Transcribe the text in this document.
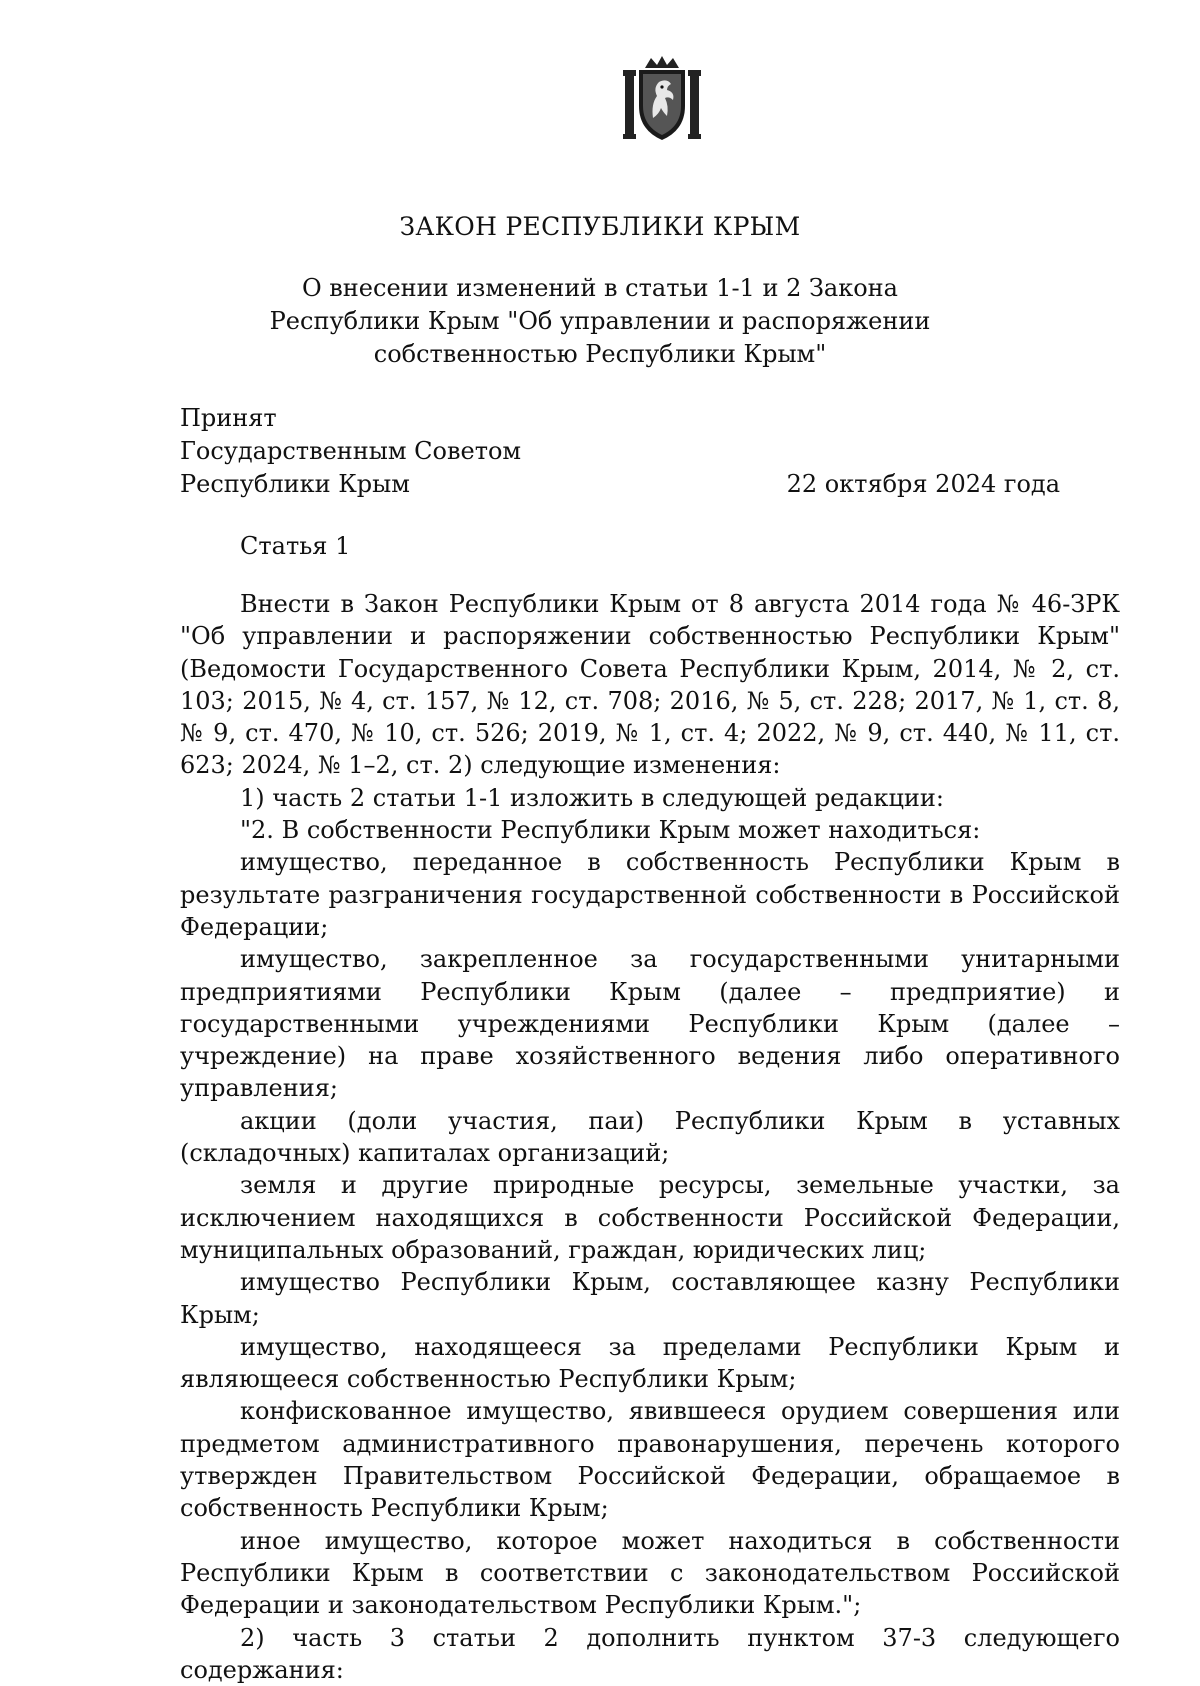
ЗАКОН РЕСПУБЛИКИ КРЫМ
О внесении изменений в статьи 1-1 и 2 Закона
Республики Крым "Об управлении и распоряжении
собственностью Республики Крым"
Принят
Государственным Советом
Республики Крым	22 октября 2024 года
Статья 1

Внести в Закон Республики Крым от 8 августа 2014 года № 46-ЗРК "Об управлении и распоряжении собственностью Республики Крым" (Ведомости Государственного Совета Республики Крым, 2014, № 2, ст. 103; 2015, № 4, ст. 157, № 12, ст. 708; 2016, № 5, ст. 228; 2017, № 1, ст. 8, № 9, ст. 470, № 10, ст. 526; 2019, № 1, ст. 4; 2022, № 9, ст. 440, № 11, ст. 623; 2024, № 1–2, ст. 2) следующие изменения:

1) часть 2 статьи 1-1 изложить в следующей редакции:

"2. В собственности Республики Крым может находиться:

имущество, переданное в собственность Республики Крым в результате разграничения государственной собственности в Российской Федерации;

имущество, закрепленное за государственными унитарными предприятиями Республики Крым (далее – предприятие) и государственными учреждениями Республики Крым (далее – учреждение) на праве хозяйственного ведения либо оперативного управления;

акции (доли участия, паи) Республики Крым в уставных (складочных) капиталах организаций;

земля и другие природные ресурсы, земельные участки, за исключением находящихся в собственности Российской Федерации, муниципальных образований, граждан, юридических лиц;

имущество Республики Крым, составляющее казну Республики Крым;

имущество, находящееся за пределами Республики Крым и являющееся собственностью Республики Крым;

конфискованное имущество, явившееся орудием совершения или предметом административного правонарушения, перечень которого утвержден Правительством Российской Федерации, обращаемое в собственность Республики Крым;

иное имущество, которое может находиться в собственности Республики Крым в соответствии с законодательством Российской Федерации и законодательством Республики Крым.";

2) часть 3 статьи 2 дополнить пунктом 37-3 следующего содержания:
